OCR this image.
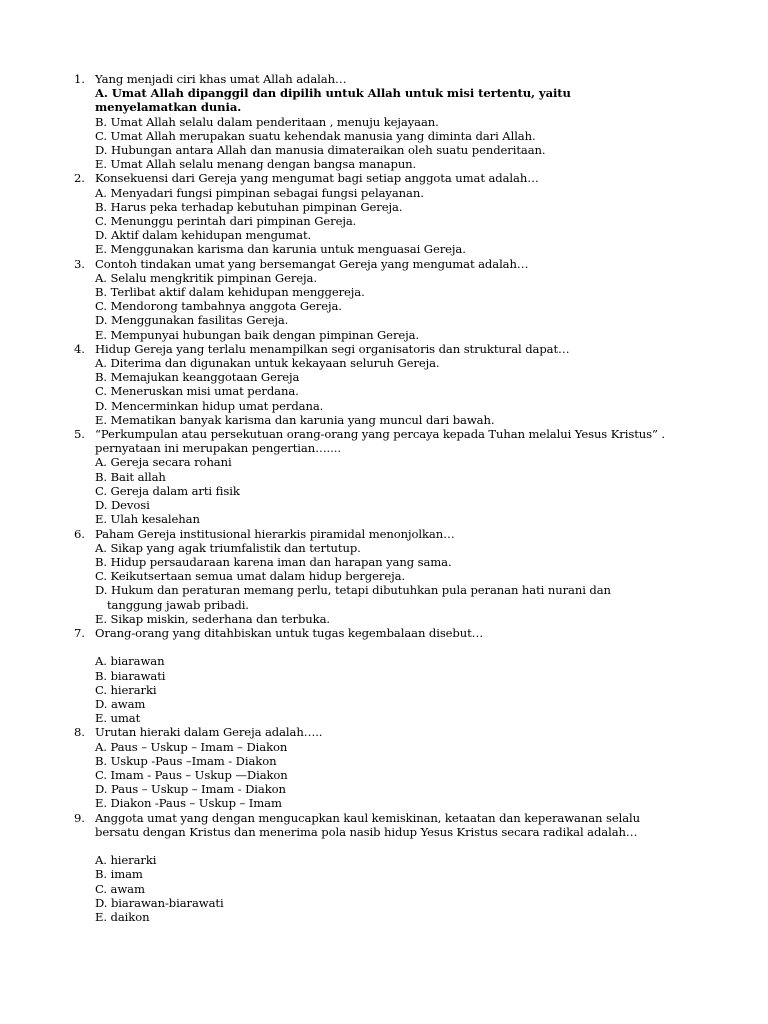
1. Yang menjadi ciri khas umat Allah adalah…
A. Umat Allah dipanggil dan dipilih untuk Allah untuk misi tertentu, yaitu menyelamatkan dunia.
B. Umat Allah selalu dalam penderitaan , menuju kejayaan.
C. Umat Allah merupakan suatu kehendak manusia yang diminta dari Allah.
D. Hubungan antara Allah dan manusia dimateraikan oleh suatu penderitaan.
E. Umat Allah selalu menang dengan bangsa manapun.
2. Konsekuensi dari Gereja yang mengumat bagi setiap anggota umat adalah…
A. Menyadari fungsi pimpinan sebagai fungsi pelayanan.
B. Harus peka terhadap kebutuhan pimpinan Gereja.
C. Menunggu perintah dari pimpinan Gereja.
D. Aktif dalam kehidupan mengumat.
E. Menggunakan karisma dan karunia untuk menguasai Gereja.
3. Contoh tindakan umat yang bersemangat Gereja yang mengumat adalah…
A. Selalu mengkritik pimpinan Gereja.
B. Terlibat aktif dalam kehidupan menggereja.
C. Mendorong tambahnya anggota Gereja.
D. Menggunakan fasilitas Gereja.
E. Mempunyai hubungan baik dengan pimpinan Gereja.
4. Hidup Gereja yang terlalu menampilkan segi organisatoris dan struktural dapat…
A. Diterima dan digunakan untuk kekayaan seluruh Gereja.
B. Memajukan keanggotaan Gereja
C. Meneruskan misi umat perdana.
D. Mencerminkan hidup umat perdana.
E. Mematikan banyak karisma dan karunia yang muncul dari bawah.
5. “Perkumpulan atau persekutuan orang-orang yang percaya kepada Tuhan melalui Yesus Kristus” . pernyataan ini merupakan pengertian…....
A. Gereja secara rohani
B. Bait allah
C. Gereja dalam arti fisik
D. Devosi
E. Ulah kesalehan
6. Paham Gereja institusional hierarkis piramidal menonjolkan…
A. Sikap yang agak triumfalistik dan tertutup.
B. Hidup persaudaraan karena iman dan harapan yang sama.
C. Keikutsertaan semua umat dalam hidup bergereja.
D. Hukum dan peraturan memang perlu, tetapi dibutuhkan pula peranan hati nurani dan tanggung jawab pribadi.
E. Sikap miskin, sederhana dan terbuka.
7. Orang-orang yang ditahbiskan untuk tugas kegembalaan disebut…
A. biarawan
B. biarawati
C. hierarki
D. awam
E. umat
8. Urutan hieraki dalam Gereja adalah…..
A. Paus – Uskup – Imam – Diakon
B. Uskup -Paus –Imam - Diakon
C. Imam - Paus – Uskup —Diakon
D. Paus – Uskup – Imam - Diakon
E. Diakon -Paus – Uskup – Imam
9. Anggota umat yang dengan mengucapkan kaul kemiskinan, ketaatan dan keperawanan selalu bersatu dengan Kristus dan menerima pola nasib hidup Yesus Kristus secara radikal adalah…
A. hierarki
B. imam
C. awam
D. biarawan-biarawati
E. daikon
